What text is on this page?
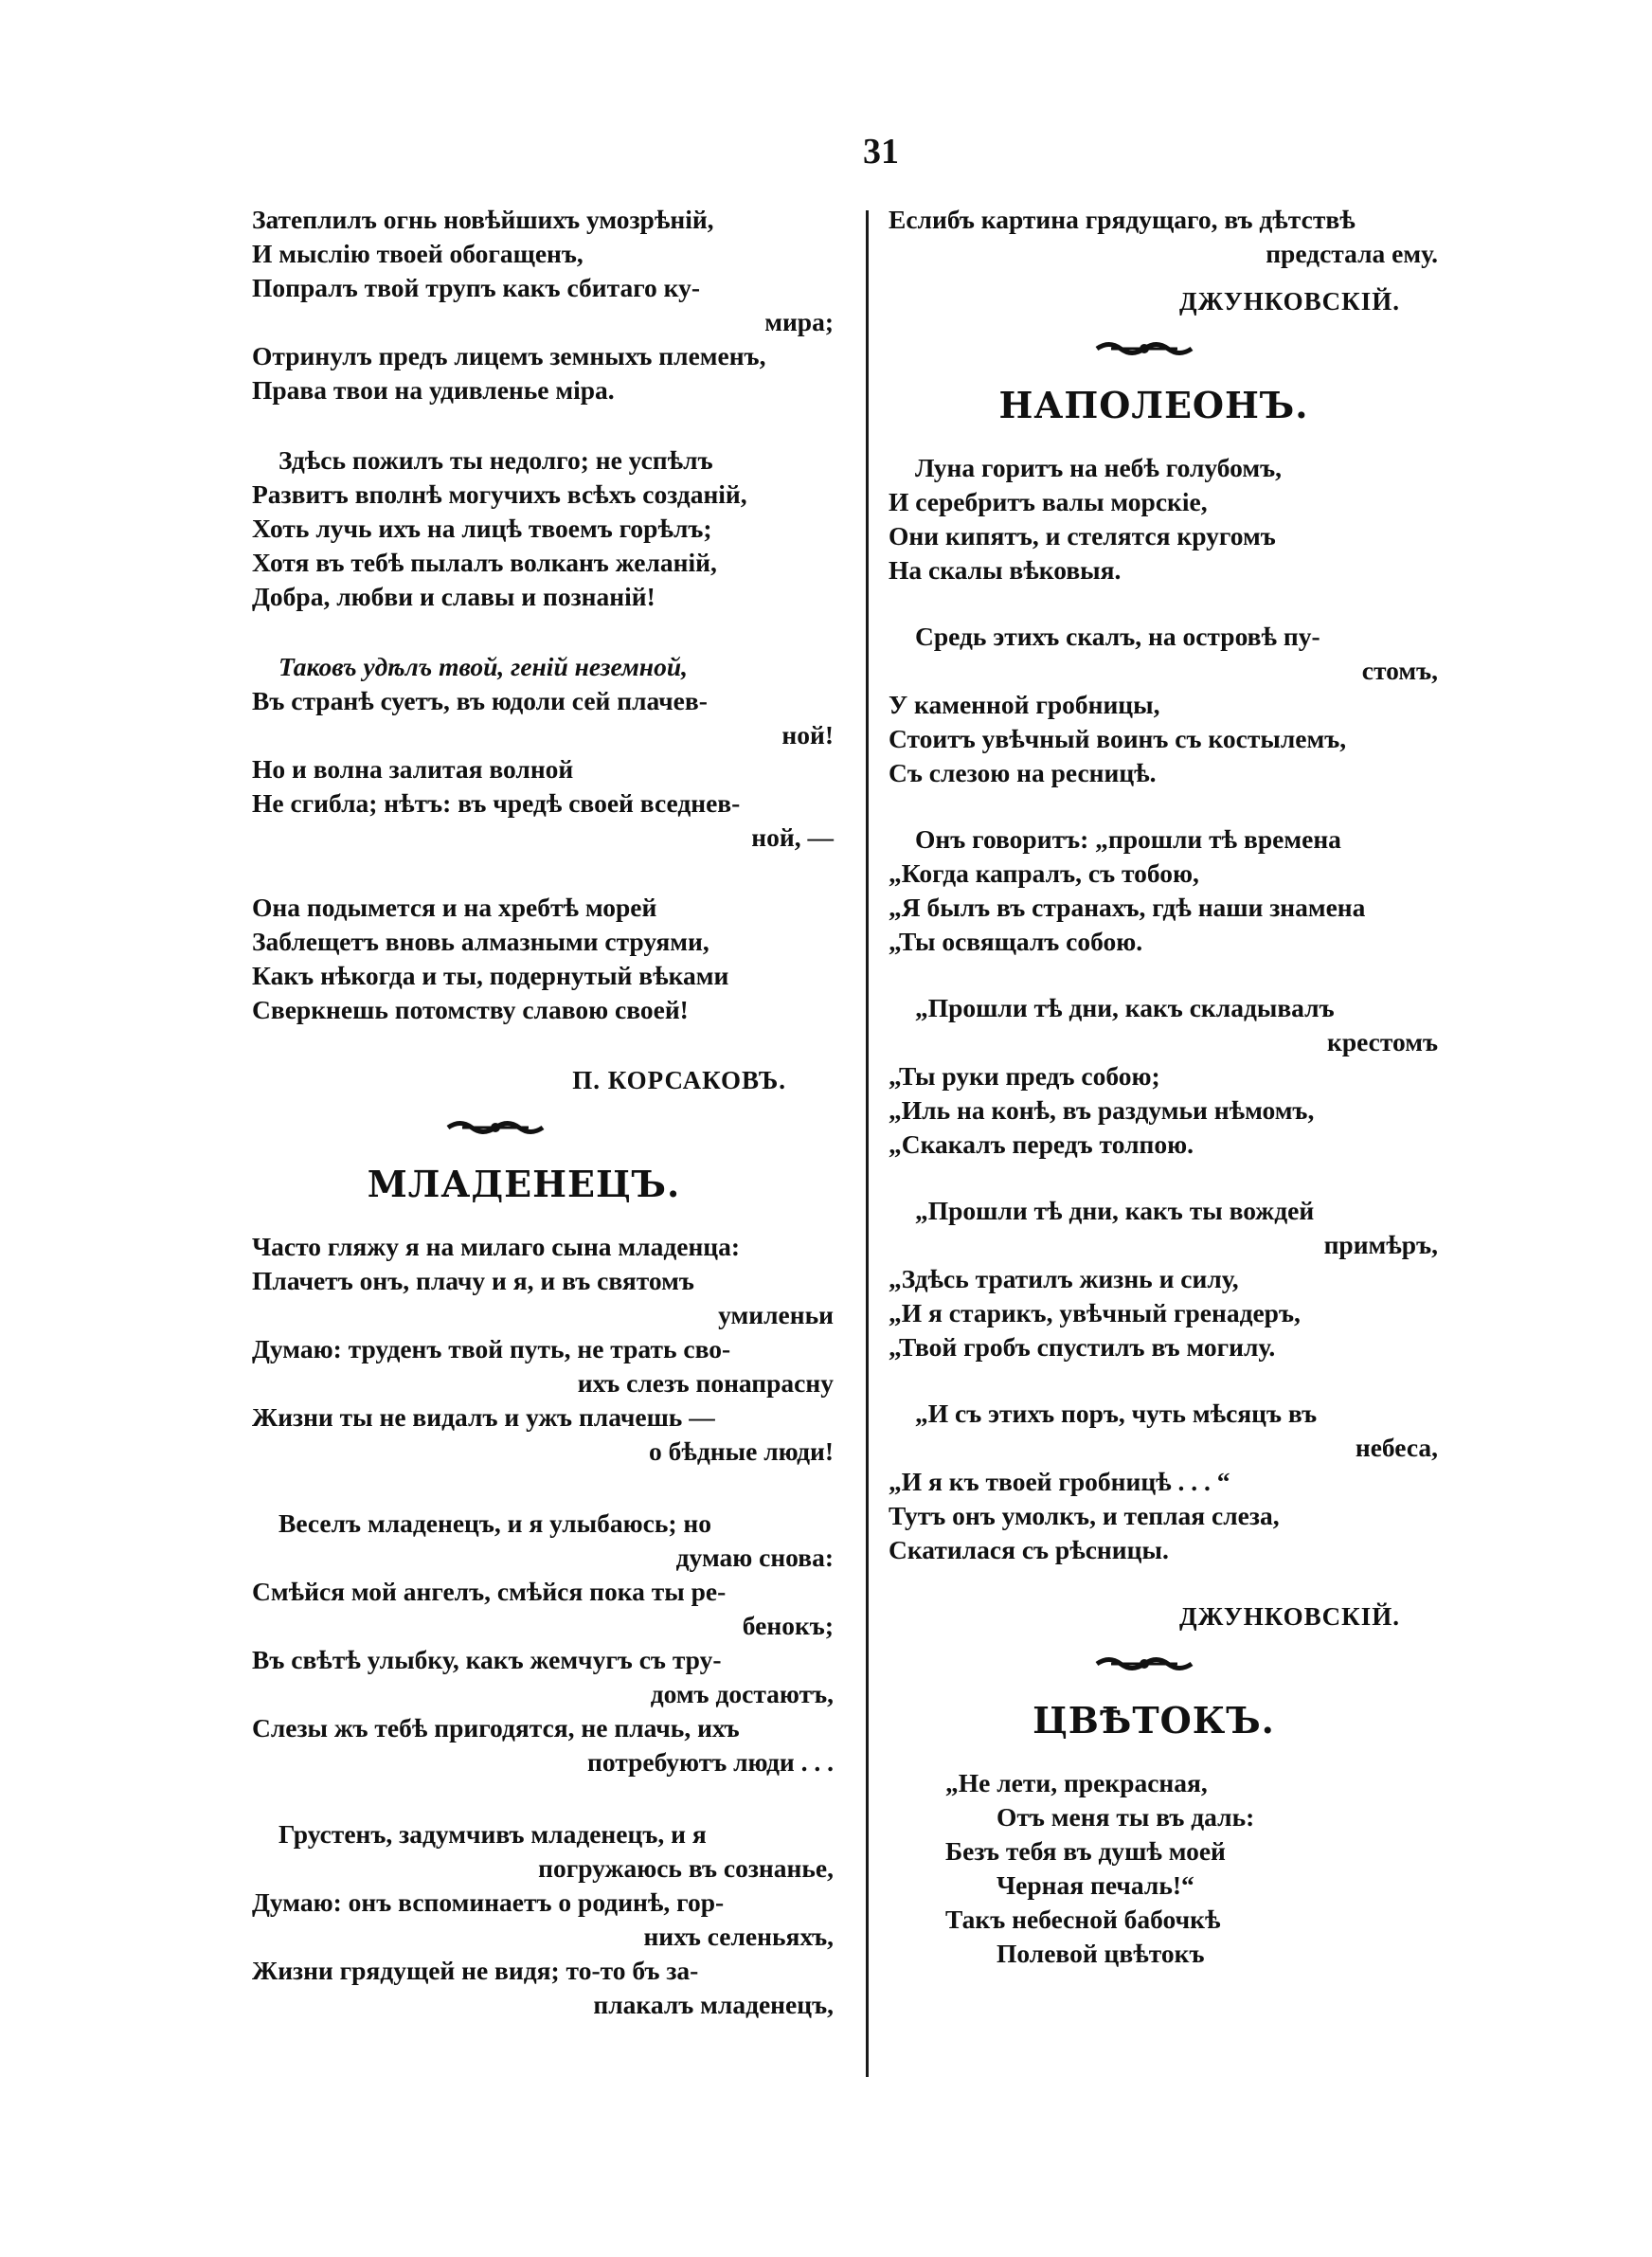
31
Затеплилъ огнь новѣйшихъ умозрѣній,
И мыслію твоей обогащенъ,
Попралъ твой трупъ какъ сбитаго ку-
мира;
Отринулъ предъ лицемъ земныхъ племенъ,
Права твои на удивленье міра.
Здѣсь пожилъ ты недолго; не успѣлъ
Развитъ вполнѣ могучихъ всѣхъ созданій,
Хоть лучь ихъ на лицѣ твоемъ горѣлъ;
Хотя въ тебѣ пылалъ волканъ желаній,
Добра, любви и славы и познаній!
Таковъ удѣлъ твой, геній неземной,
Въ странѣ суетъ, въ юдоли сей плачев-
ной!
Но и волна залитая волной
Не сгибла; нѣтъ: въ чредѣ своей вседнев-
ной, —
Она подымется и на хребтѣ морей
Заблещетъ вновь алмазными струями,
Какъ нѣкогда и ты, подернутый вѣками
Сверкнешь потомству славою своей!
П. КОРСАКОВЪ.
МЛАДЕНЕЦЪ.
Часто гляжу я на милаго сына младенца:
Плачетъ онъ, плачу и я, и въ святомъ
умиленьи
Думаю: труденъ твой путь, не трать сво-
ихъ слезъ понапрасну
Жизни ты не видалъ и ужъ плачешь —
о бѣдные люди!
Веселъ младенецъ, и я улыбаюсь; но
думаю снова:
Смѣйся мой ангелъ, смѣйся пока ты ре-
бенокъ;
Въ свѣтѣ улыбку, какъ жемчугъ съ тру-
домъ достаютъ,
Слезы жъ тебѣ пригодятся, не плачь, ихъ
потребуютъ люди . . .
Грустенъ, задумчивъ младенецъ, и я
погружаюсь въ сознанье,
Думаю: онъ вспоминаетъ о родинѣ, гор-
нихъ селеньяхъ,
Жизни грядущей не видя; то-то бъ за-
плакалъ младенецъ,
Еслибъ картина грядущаго, въ дѣтствѣ
предстала ему.
ДЖУНКОВСКІЙ.
НАПОЛЕОНЪ.
Луна горитъ на небѣ голубомъ,
И серебритъ валы морскіе,
Они кипятъ, и стелятся кругомъ
На скалы вѣковыя.
Средь этихъ скалъ, на островѣ пу-
стомъ,
У каменной гробницы,
Стоитъ увѣчный воинъ съ костылемъ,
Съ слезою на ресницѣ.
Онъ говоритъ: „прошли тѣ времена
„Когда капралъ, съ тобою,
„Я былъ въ странахъ, гдѣ наши знамена
„Ты освящалъ собою.
„Прошли тѣ дни, какъ складывалъ
крестомъ
„Ты руки предъ собою;
„Иль на конѣ, въ раздумьи нѣмомъ,
„Скакалъ передъ толпою.
„Прошли тѣ дни, какъ ты вождей
примѣръ,
„Здѣсь тратилъ жизнь и силу,
„И я старикъ, увѣчный гренадеръ,
„Твой гробъ спустилъ въ могилу.
„И съ этихъ поръ, чуть мѣсяцъ въ
небеса,
„И я къ твоей гробницѣ . . . “
Тутъ онъ умолкъ, и теплая слеза,
Скатилася съ рѣсницы.
ДЖУНКОВСКІЙ.
ЦВѢТОКЪ.
„Не лети, прекрасная,
Отъ меня ты въ даль:
Безъ тебя въ душѣ моей
Черная печаль!“
Такъ небесной бабочкѣ
Полевой цвѣтокъ
